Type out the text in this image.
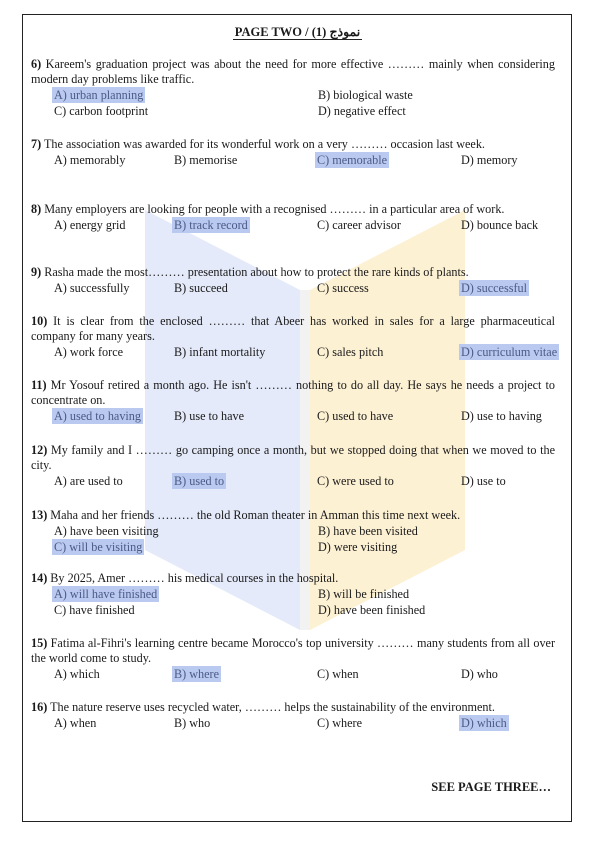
نموذج (1) / PAGE TWO
6) Kareem's graduation project was about the need for more effective ……… mainly when considering modern day problems like traffic.
A) urban planning	B) biological waste
C) carbon footprint	D) negative effect
7) The association was awarded for its wonderful work on a very ……… occasion last week.
A) memorably	B) memorise	C) memorable	D) memory
8) Many employers are looking for people with a recognised ……… in a particular area of work.
A) energy grid	B) track record	C) career advisor	D) bounce back
9) Rasha made the most……… presentation about how to protect the rare kinds of plants.
A) successfully	B) succeed	C) success	D) successful
10) It is clear from the enclosed ……… that Abeer has worked in sales for a large pharmaceutical company for many years.
A) work force	B) infant mortality	C) sales pitch	D) curriculum vitae
11) Mr Yosouf retired a month ago. He isn't ……… nothing to do all day. He says he needs a project to concentrate on.
A) used to having	B) use to have	C) used to have	D) use to having
12) My family and I ……… go camping once a month, but we stopped doing that when we moved to the city.
A) are used to	B) used to	C) were used to	D) use to
13) Maha and her friends ……… the old Roman theater in Amman this time next week.
A) have been visiting	B) have been visited
C) will be visiting	D) were visiting
14) By 2025, Amer ……… his medical courses in the hospital.
A) will have finished	B) will be finished
C) have finished	D) have been finished
15) Fatima al-Fihri's learning centre became Morocco's top university ……… many students from all over the world come to study.
A) which	B) where	C) when	D) who
16) The nature reserve uses recycled water, ……… helps the sustainability of the environment.
A) when	B) who	C) where	D) which
SEE PAGE THREE…
